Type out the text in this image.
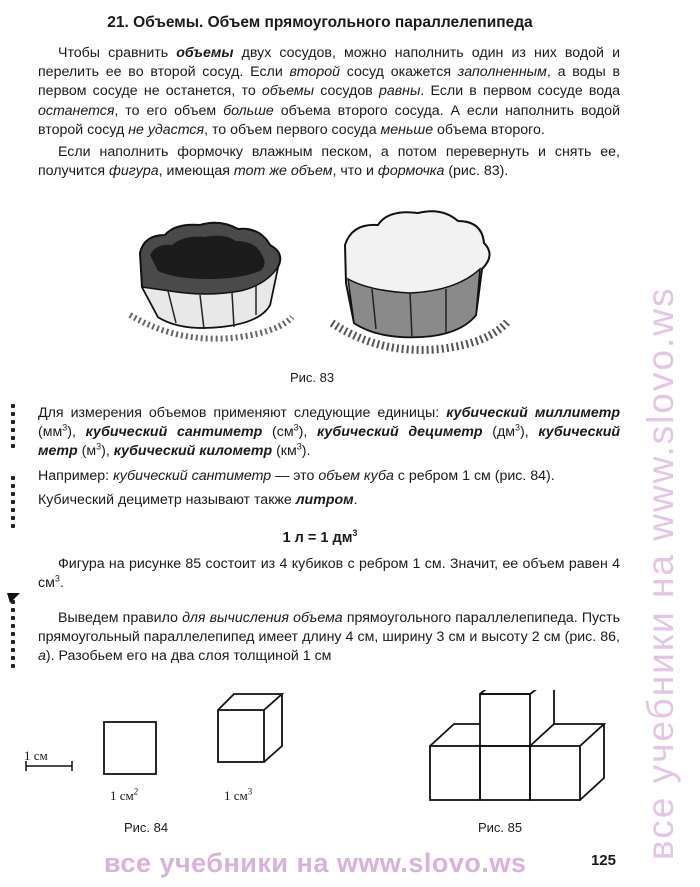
21. Объемы. Объем прямоугольного параллелепипеда

Чтобы сравнить объемы двух сосудов, можно наполнить один из них водой и перелить ее во второй сосуд. Если второй сосуд окажется заполненным, а воды в первом сосуде не останется, то объемы сосудов равны. Если в первом сосуде вода останется, то его объем больше объема второго сосуда. А если наполнить водой второй сосуд не удастся, то объем первого сосуда меньше объема второго.

Если наполнить формочку влажным песком, а потом перевернуть и снять ее, получится фигура, имеющая тот же объем, что и формочка (рис. 83).

Рис. 83

Для измерения объемов применяют следующие единицы: кубический миллиметр $(мм^3)$, кубический сантиметр $(см^3)$, кубический дециметр $(дм^3)$, кубический метр $(м^3)$, кубический километр $(км^3)$.

Например: кубический сантиметр — это объем куба с ребром 1 см (рис. 84).

Кубический дециметр называют также литром.

1 л = 1 $дм^3$

Фигура на рисунке 85 состоит из 4 кубиков с ребром 1 см. Значит, ее объем равен 4 $см^3$.

Выведем правило для вычисления объема прямоугольного параллелепипеда. Пусть прямоугольный параллелепипед имеет длину 4 см, ширину 3 см и высоту 2 см (рис. 86, а). Разобьем его на два слоя толщиной 1 см

1 см
1 $см^2$	1 $см^3$
Рис. 84	Рис. 85
все учебники на www.slovo.ws	125
все учебники на www.slovo.ws
